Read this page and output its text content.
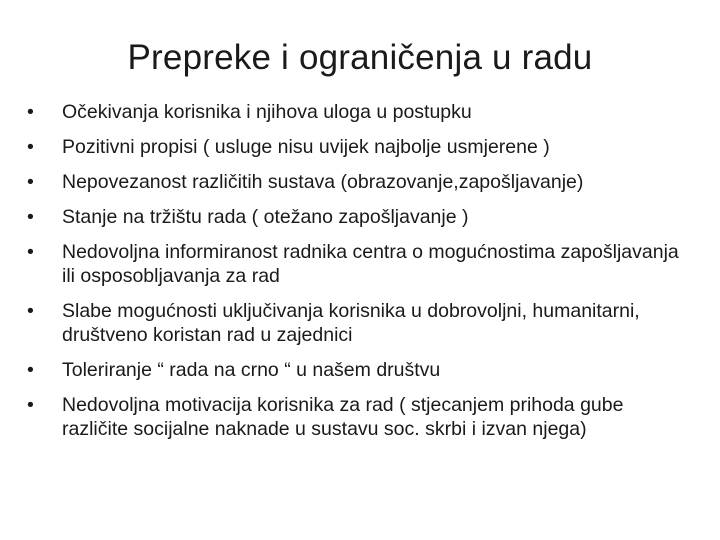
Prepreke i ograničenja u radu
• Očekivanja korisnika i njihova uloga u postupku
• Pozitivni propisi ( usluge nisu uvijek najbolje usmjerene )
• Nepovezanost različitih sustava (obrazovanje,zapošljavanje)
• Stanje na tržištu rada ( otežano zapošljavanje )
• Nedovoljna informiranost radnika centra o mogućnostima zapošljavanja ili osposobljavanja za rad
• Slabe mogućnosti uključivanja korisnika u dobrovoljni, humanitarni, društveno koristan rad u zajednici
• Toleriranje “ rada na crno “ u našem društvu
• Nedovoljna motivacija korisnika za rad ( stjecanjem prihoda gube različite socijalne naknade u sustavu soc. skrbi i izvan njega)
